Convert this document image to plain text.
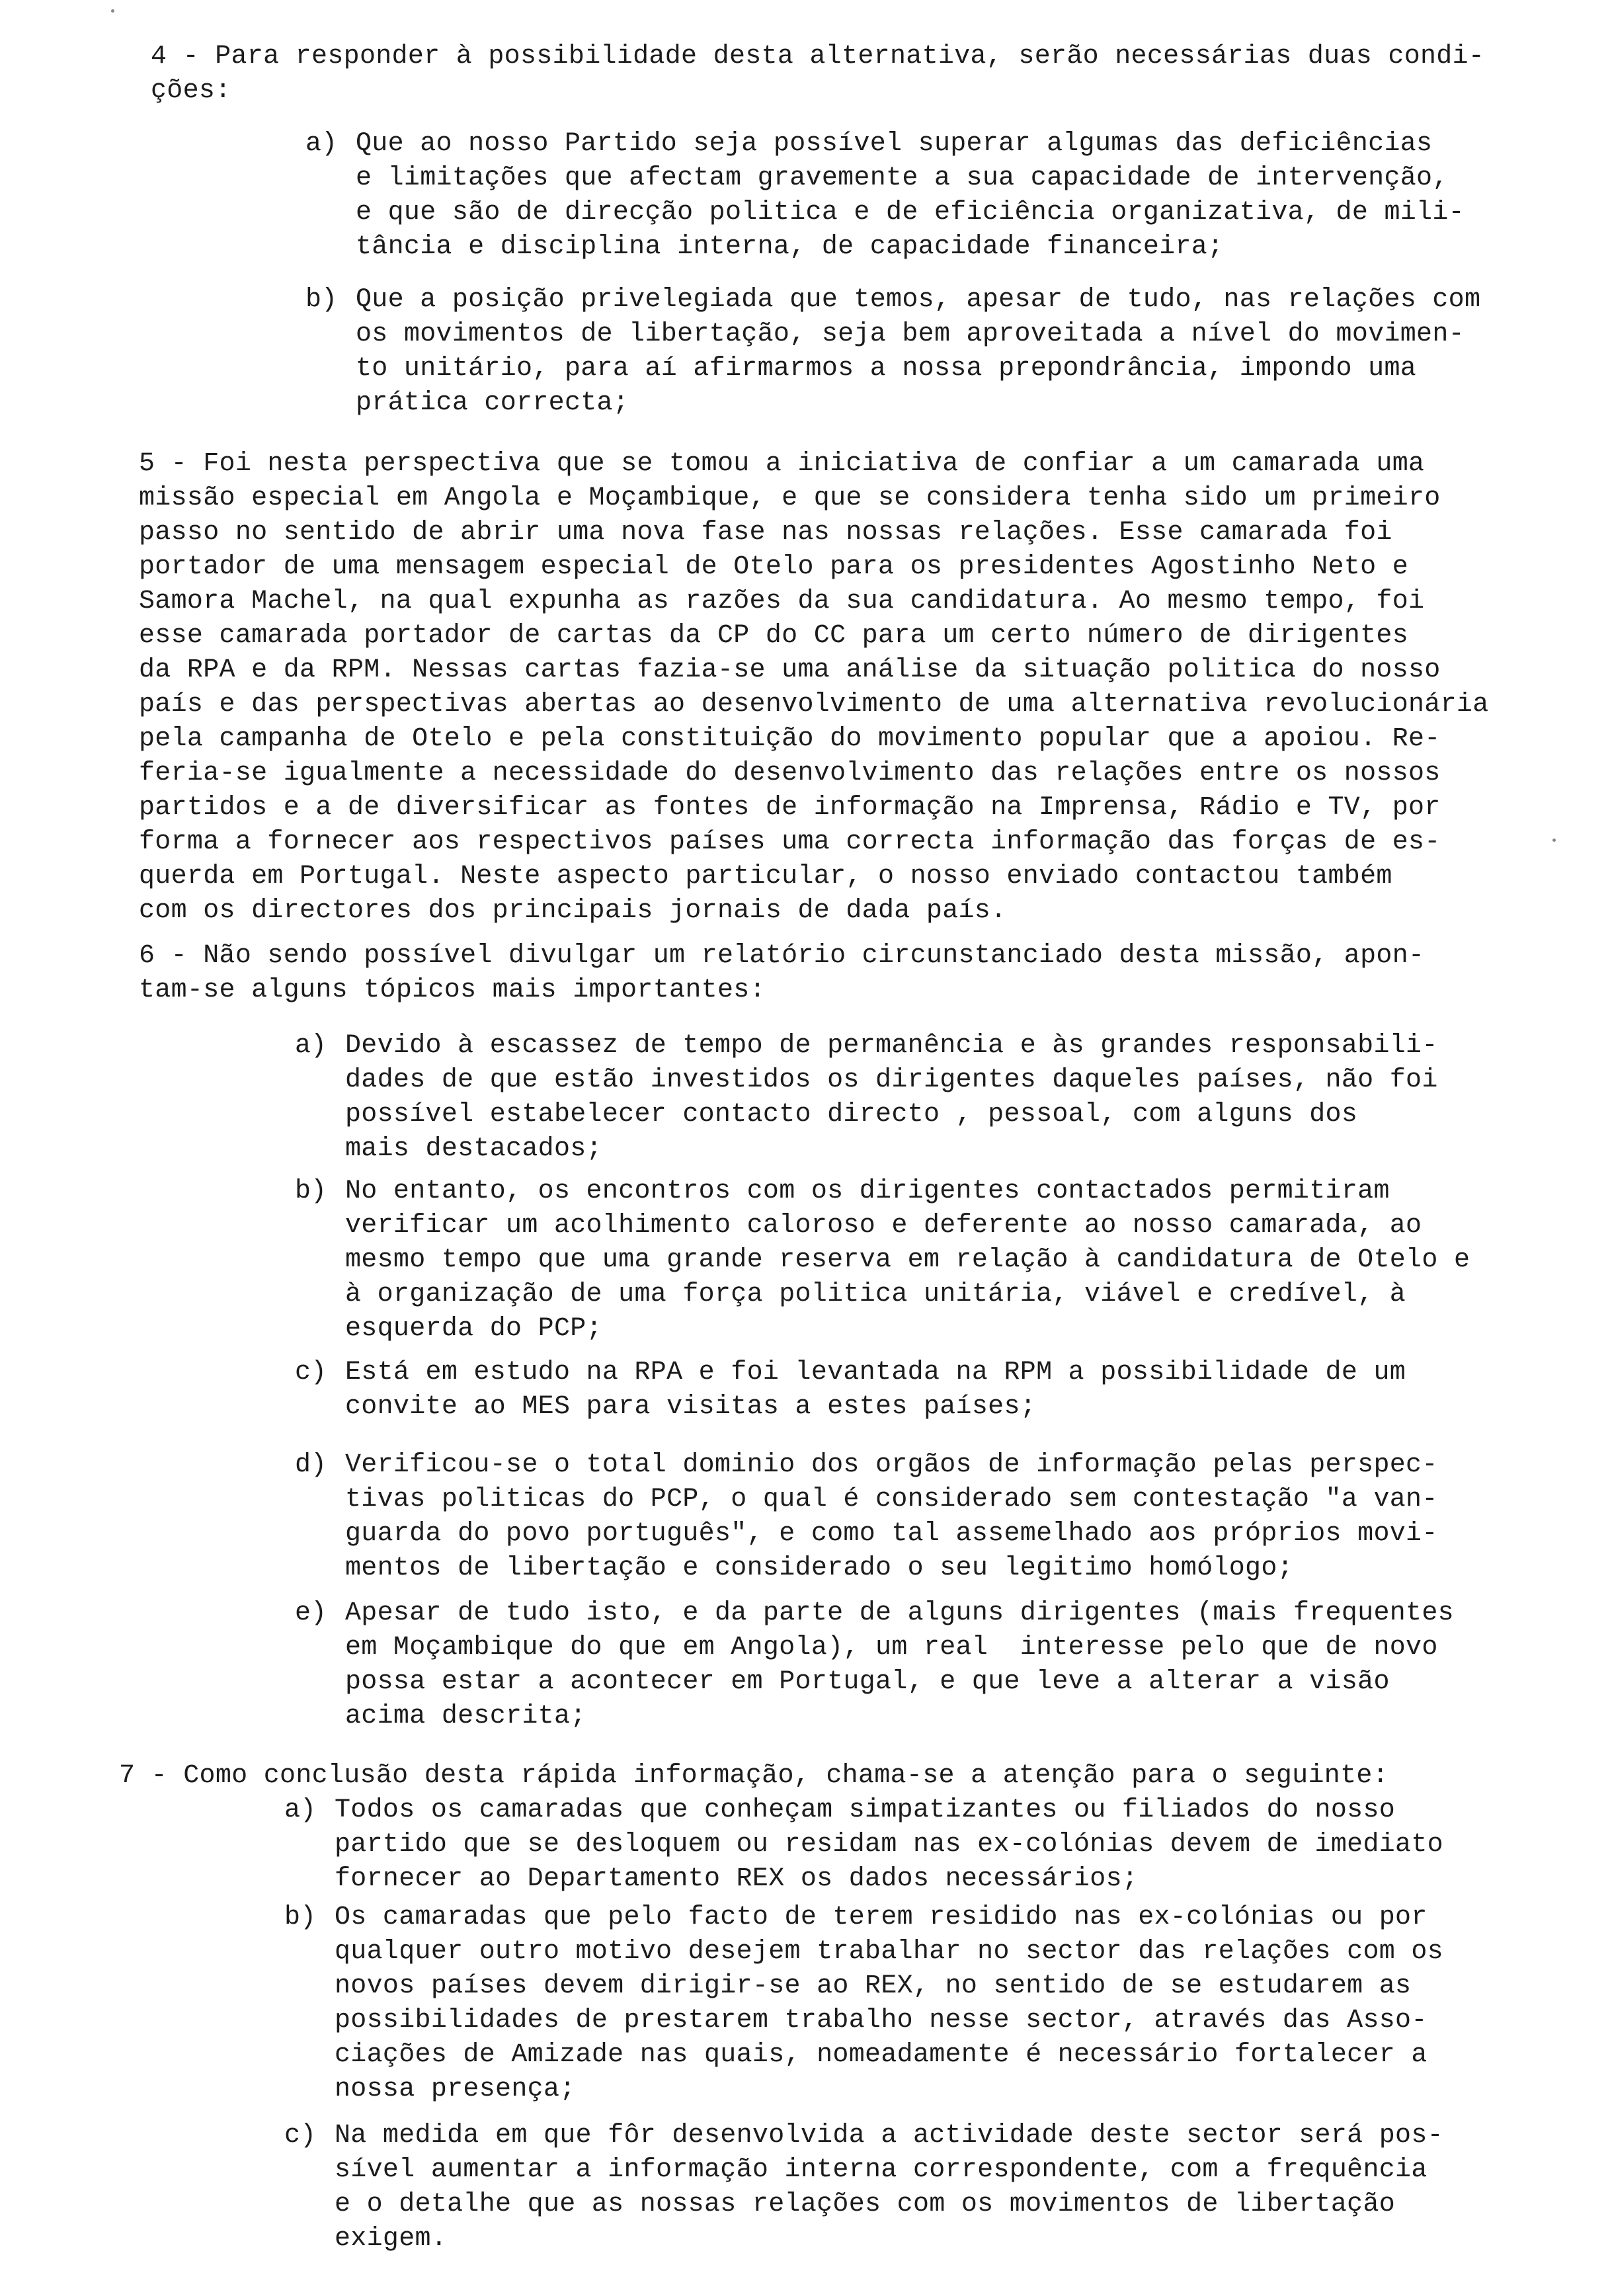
4 - Para responder à possibilidade desta alternativa, serão necessárias duas condi-
ções:
a) Que ao nosso Partido seja possível superar algumas das deficiências
e limitações que afectam gravemente a sua capacidade de intervenção,
e que são de direcção politica e de eficiência organizativa, de mili-
tância e disciplina interna, de capacidade financeira;
b) Que a posição privelegiada que temos, apesar de tudo, nas relações com
os movimentos de libertação, seja bem aproveitada a nível do movimen-
to unitário, para aí afirmarmos a nossa prepondrância, impondo uma
prática correcta;
5 - Foi nesta perspectiva que se tomou a iniciativa de confiar a um camarada uma
missão especial em Angola e Moçambique, e que se considera tenha sido um primeiro
passo no sentido de abrir uma nova fase nas nossas relações. Esse camarada foi
portador de uma mensagem especial de Otelo para os presidentes Agostinho Neto e
Samora Machel, na qual expunha as razões da sua candidatura. Ao mesmo tempo, foi
esse camarada portador de cartas da CP do CC para um certo número de dirigentes
da RPA e da RPM. Nessas cartas fazia-se uma análise da situação politica do nosso
país e das perspectivas abertas ao desenvolvimento de uma alternativa revolucionária
pela campanha de Otelo e pela constituição do movimento popular que a apoiou. Re-
feria-se igualmente a necessidade do desenvolvimento das relações entre os nossos
partidos e a de diversificar as fontes de informação na Imprensa, Rádio e TV, por
forma a fornecer aos respectivos países uma correcta informação das forças de es-
querda em Portugal. Neste aspecto particular, o nosso enviado contactou também
com os directores dos principais jornais de dada país.
6 - Não sendo possível divulgar um relatório circunstanciado desta missão, apon-
tam-se alguns tópicos mais importantes:
a) Devido à escassez de tempo de permanência e às grandes responsabili-
dades de que estão investidos os dirigentes daqueles países, não foi
possível estabelecer contacto directo , pessoal, com alguns dos
mais destacados;
b) No entanto, os encontros com os dirigentes contactados permitiram
verificar um acolhimento caloroso e deferente ao nosso camarada, ao
mesmo tempo que uma grande reserva em relação à candidatura de Otelo e
à organização de uma força politica unitária, viável e credível, à
esquerda do PCP;
c) Está em estudo na RPA e foi levantada na RPM a possibilidade de um
convite ao MES para visitas a estes países;
d) Verificou-se o total dominio dos orgãos de informação pelas perspec-
tivas politicas do PCP, o qual é considerado sem contestação "a van-
guarda do povo português", e como tal assemelhado aos próprios movi-
mentos de libertação e considerado o seu legitimo homólogo;
e) Apesar de tudo isto, e da parte de alguns dirigentes (mais frequentes
em Moçambique do que em Angola), um real  interesse pelo que de novo
possa estar a acontecer em Portugal, e que leve a alterar a visão
acima descrita;
7 - Como conclusão desta rápida informação, chama-se a atenção para o seguinte:
a) Todos os camaradas que conheçam simpatizantes ou filiados do nosso
partido que se desloquem ou residam nas ex-colónias devem de imediato
fornecer ao Departamento REX os dados necessários;
b) Os camaradas que pelo facto de terem residido nas ex-colónias ou por
qualquer outro motivo desejem trabalhar no sector das relações com os
novos países devem dirigir-se ao REX, no sentido de se estudarem as
possibilidades de prestarem trabalho nesse sector, através das Asso-
ciações de Amizade nas quais, nomeadamente é necessário fortalecer a
nossa presença;
c) Na medida em que fôr desenvolvida a actividade deste sector será pos-
sível aumentar a informação interna correspondente, com a frequência
e o detalhe que as nossas relações com os movimentos de libertação
exigem.
